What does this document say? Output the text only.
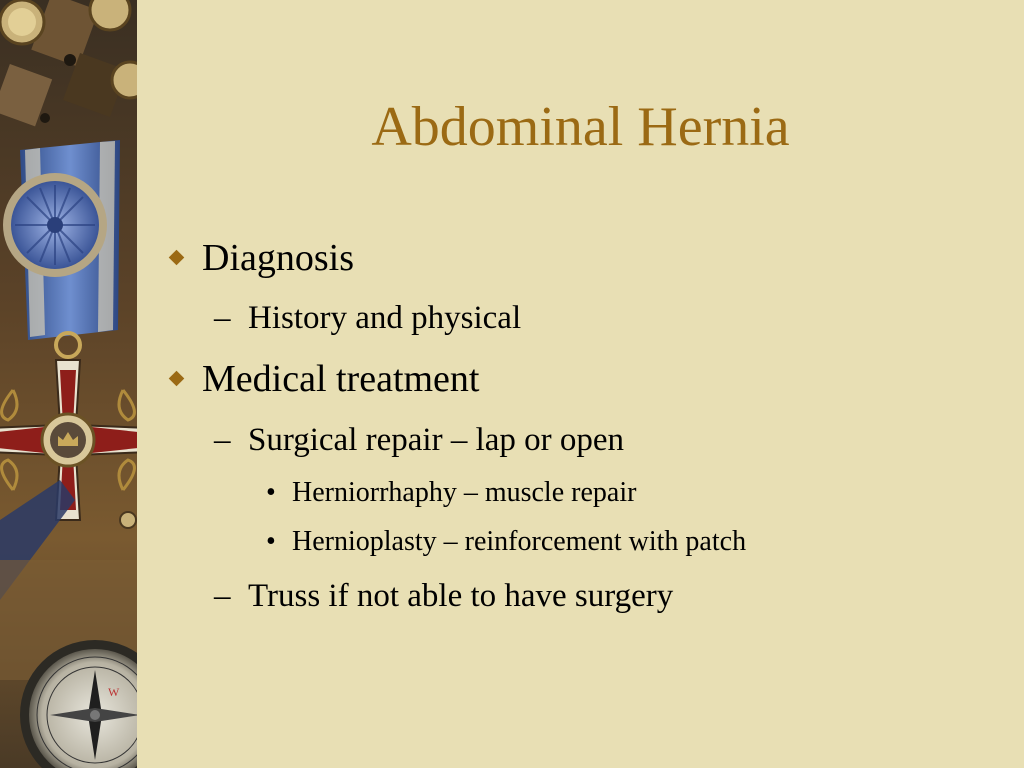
W
Abdominal Hernia
Diagnosis
– History and physical
Medical treatment
– Surgical repair – lap or open
• Herniorrhaphy – muscle repair
• Hernioplasty – reinforcement with patch
– Truss if not able to have surgery
